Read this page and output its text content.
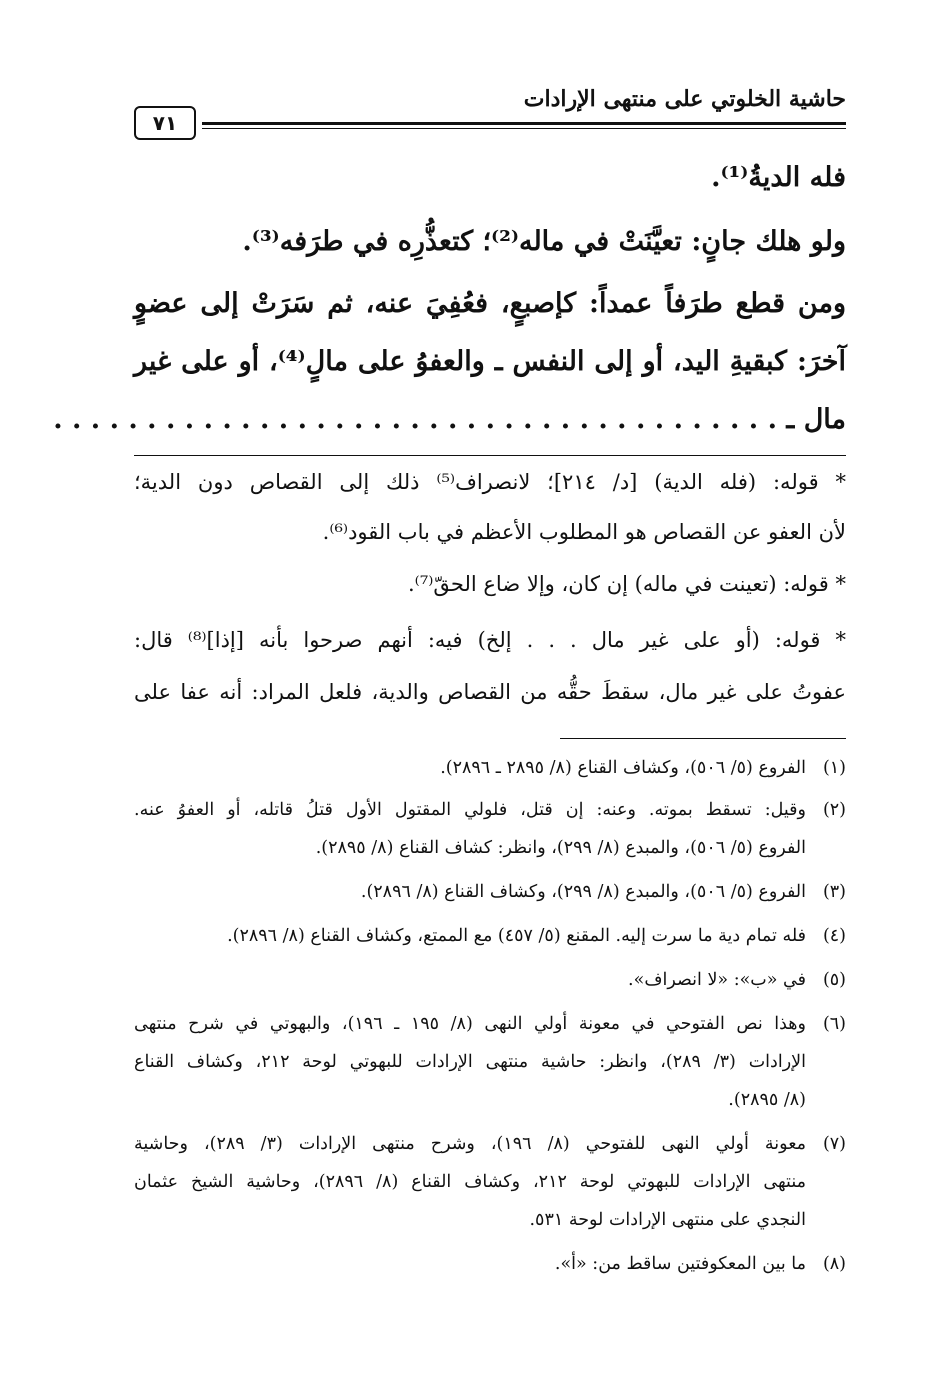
حاشية الخلوتي على منتهى الإرادات
٧١
فله الديةُ⁽¹⁾.
ولو هلك جانٍ: تعيَّنَتْ في ماله⁽²⁾؛ كتعذُّرِه في طرَفه⁽³⁾.
ومن قطع طرَفاً عمداً: كإصبعٍ، فعُفِيَ عنه، ثم سَرَتْ إلى عضوٍ
آخرَ: كبقيةِ اليد، أو إلى النفس ـ والعفوُ على مالٍ⁽⁴⁾، أو على غير
مال ـ . . . . . . . . . . . . . . . . . . . . . . . . . . . . . . . . . . . . . . .
* قوله: (فله الدية) [د/ ٢١٤]؛ لانصراف⁽⁵⁾ ذلك إلى القصاص دون الدية؛
لأن العفو عن القصاص هو المطلوب الأعظم في باب القود⁽⁶⁾.
* قوله: (تعينت في ماله) إن كان، وإلا ضاع الحقّ⁽⁷⁾.
* قوله: (أو على غير مال . . . إلخ) فيه: أنهم صرحوا بأنه [إذا]⁽⁸⁾ قال:
عفوتُ على غير مال، سقطَ حقُّه من القصاص والدية، فلعل المراد: أنه عفا على
(١)
الفروع (٥/ ٥٠٦)، وكشاف القناع (٨/ ٢٨٩٥ ـ ٢٨٩٦).
(٢)
وقيل: تسقط بموته. وعنه: إن قتل، فلولي المقتول الأول قتلُ قاتله، أو العفوُ عنه.
الفروع (٥/ ٥٠٦)، والمبدع (٨/ ٢٩٩)، وانظر: كشاف القناع (٨/ ٢٨٩٥).
(٣)
الفروع (٥/ ٥٠٦)، والمبدع (٨/ ٢٩٩)، وكشاف القناع (٨/ ٢٨٩٦).
(٤)
فله تمام دية ما سرت إليه. المقنع (٥/ ٤٥٧) مع الممتع، وكشاف القناع (٨/ ٢٨٩٦).
(٥)
في «ب»: «لا انصراف».
(٦)
وهذا نص الفتوحي في معونة أولي النهى (٨/ ١٩٥ ـ ١٩٦)، والبهوتي في شرح منتهى
الإرادات (٣/ ٢٨٩)، وانظر: حاشية منتهى الإرادات للبهوتي لوحة ٢١٢، وكشاف القناع
(٨/ ٢٨٩٥).
(٧)
معونة أولي النهى للفتوحي (٨/ ١٩٦)، وشرح منتهى الإرادات (٣/ ٢٨٩)، وحاشية
منتهى الإرادات للبهوتي لوحة ٢١٢، وكشاف القناع (٨/ ٢٨٩٦)، وحاشية الشيخ عثمان
النجدي على منتهى الإرادات لوحة ٥٣١.
(٨)
ما بين المعكوفتين ساقط من: «أ».
